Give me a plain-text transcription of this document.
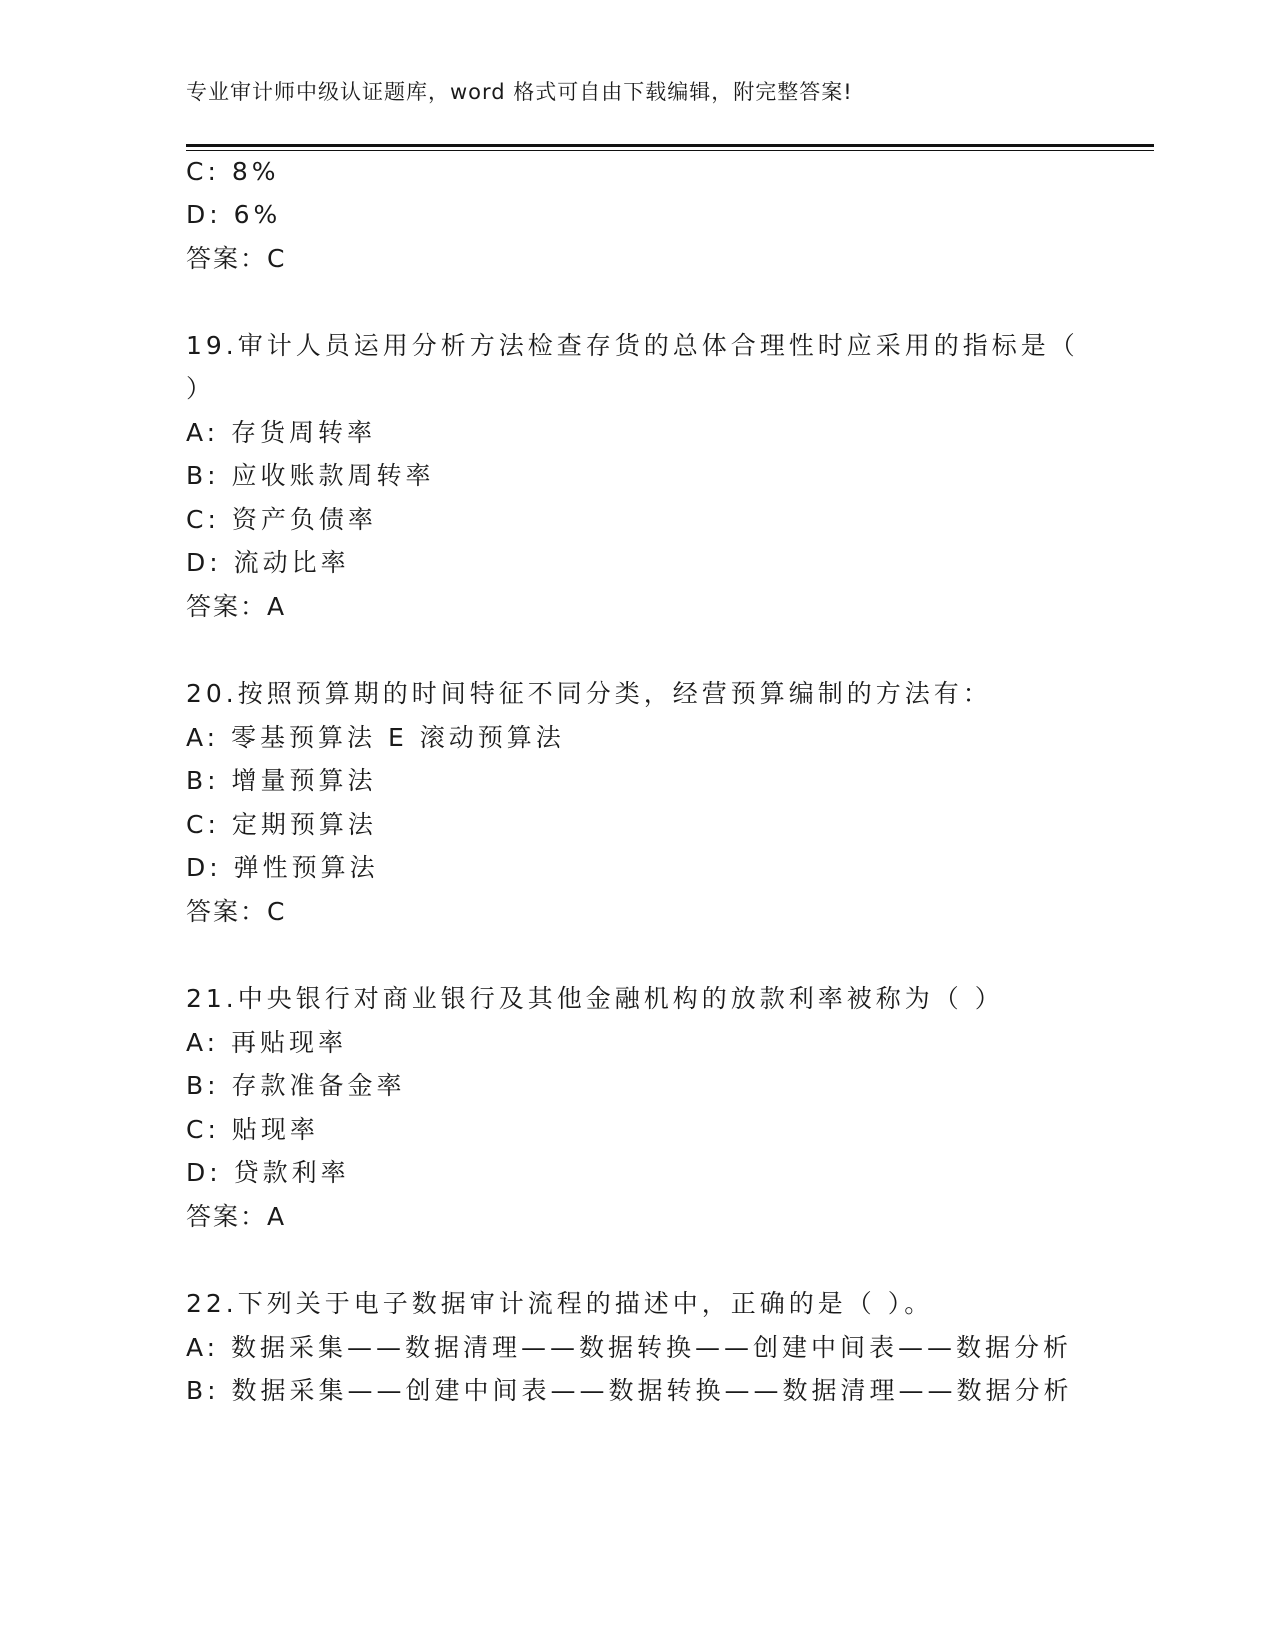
专业审计师中级认证题库，word 格式可自由下载编辑，附完整答案!
C: 8%
D: 6%
答案：C
19.审计人员运用分析方法检查存货的总体合理性时应采用的指标是（
）
A: 存货周转率
B: 应收账款周转率
C: 资产负债率
D: 流动比率
答案：A
20.按照预算期的时间特征不同分类，经营预算编制的方法有：
A: 零基预算法 E 滚动预算法
B: 增量预算法
C: 定期预算法
D: 弹性预算法
答案：C
21.中央银行对商业银行及其他金融机构的放款利率被称为（ ）
A: 再贴现率
B: 存款准备金率
C: 贴现率
D: 贷款利率
答案：A
22.下列关于电子数据审计流程的描述中，正确的是（ ）。
A: 数据采集——数据清理——数据转换——创建中间表——数据分析
B: 数据采集——创建中间表——数据转换——数据清理——数据分析
